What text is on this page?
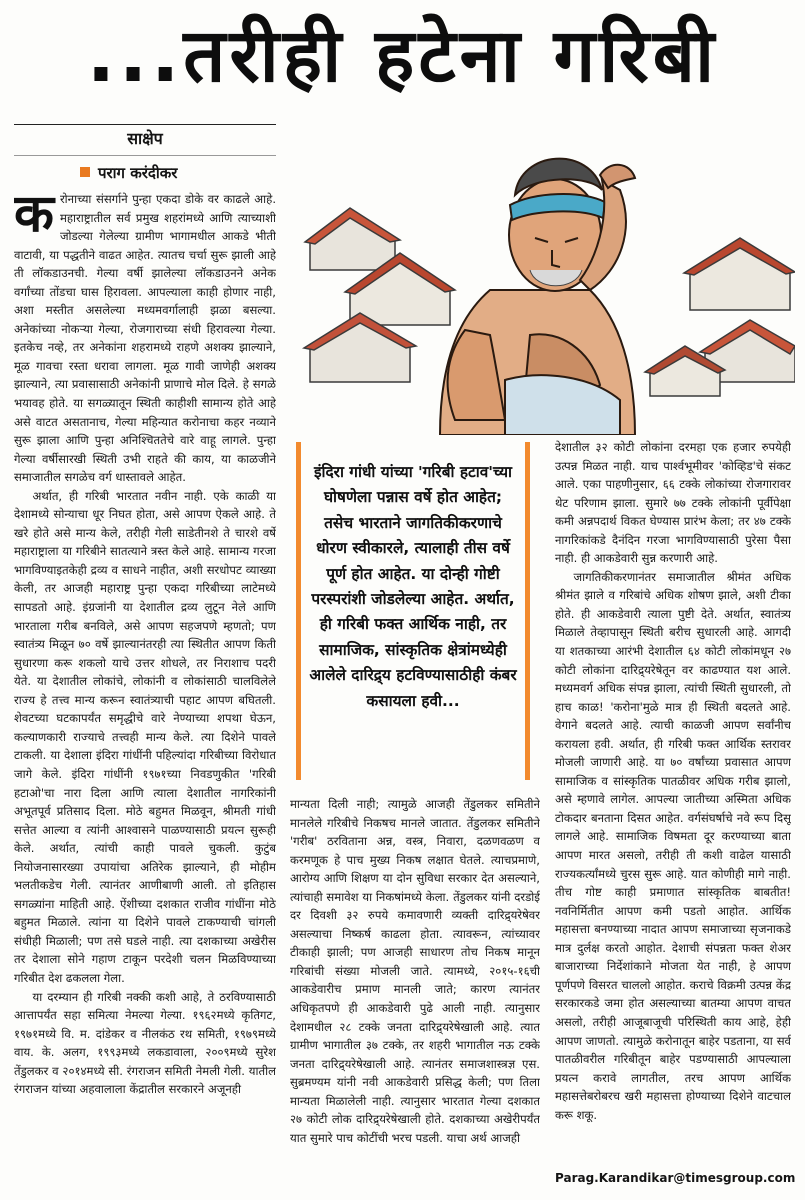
...तरीही हटेना गरिबी
साक्षेप
पराग करंदीकर

करोनाच्या संसर्गाने पुन्हा एकदा डोके वर काढले आहे. महाराष्ट्रातील सर्व प्रमुख शहरांमध्ये आणि त्याच्याशी जोडल्या गेलेल्या ग्रामीण भागामधील आकडे भीती वाटावी, या पद्धतीने वाढत आहेत. त्यातच चर्चा सुरू झाली आहे ती लॉकडाउनची. गेल्या वर्षी झालेल्या लॉकडाउनने अनेक वर्गांच्या तोंडचा घास हिरावला. आपल्याला काही होणार नाही, अशा मस्तीत असलेल्या मध्यमवर्गालाही झळा बसल्या. अनेकांच्या नोकऱ्या गेल्या, रोजगाराच्या संधी हिरावल्या गेल्या. इतकेच नव्हे, तर अनेकांना शहरामध्ये राहणे अशक्य झाल्याने, मूळ गावचा रस्ता धरावा लागला. मूळ गावी जाणेही अशक्य झाल्याने, त्या प्रवासासाठी अनेकांनी प्राणाचे मोल दिले. हे सगळे भयावह होते. या सगळ्यातून स्थिती काहीशी सामान्य होते आहे असे वाटत असतानाच, गेल्या महिन्यात करोनाचा कहर नव्याने सुरू झाला आणि पुन्हा अनिश्चिततेचे वारे वाहू लागले. पुन्हा गेल्या वर्षीसारखी स्थिती उभी राहते की काय, या काळजीने समाजातील सगळेच वर्ग धास्तावले आहेत.

अर्थात, ही गरिबी भारतात नवीन नाही. एके काळी या देशामध्ये सोन्याचा धूर निघत होता, असे आपण ऐकले आहे. ते खरे होते असे मान्य केले, तरीही गेली साडेतीनशे ते चारशे वर्षे महाराष्ट्राला या गरिबीने सातत्याने त्रस्त केले आहे. सामान्य गरजा भागविण्याइतकेही द्रव्य व साधने नाहीत, अशी सरधोपट व्याख्या केली, तर आजही महाराष्ट्र पुन्हा एकदा गरिबीच्या लाटेमध्ये सापडतो आहे. इंग्रजांनी या देशातील द्रव्य लुटून नेले आणि भारताला गरीब बनविले, असे आपण सहजपणे म्हणतो; पण स्वातंत्र्य मिळून ७० वर्षे झाल्यानंतरही त्या स्थितीत आपण किती सुधारणा करू शकलो याचे उत्तर शोधले, तर निराशाच पदरी येते. या देशातील लोकांचे, लोकांनी व लोकांसाठी चालविलेले राज्य हे तत्त्व मान्य करून स्वातंत्र्याची पहाट आपण बघितली. शेवटच्या घटकापर्यंत समृद्धीचे वारे नेण्याच्या शपथा घेऊन, कल्याणकारी राज्याचे तत्त्वही मान्य केले. त्या दिशेने पावले टाकली. या देशाला इंदिरा गांधींनी पहिल्यांदा गरिबीच्या विरोधात जागे केले. इंदिरा गांधींनी १९७१च्या निवडणुकीत 'गरिबी हटाओ'चा नारा दिला आणि त्याला देशातील नागरिकांनी अभूतपूर्व प्रतिसाद दिला. मोठे बहुमत मिळवून, श्रीमती गांधी सत्तेत आल्या व त्यांनी आश्वासने पाळण्यासाठी प्रयत्न सुरूही केले. अर्थात, त्यांची काही पावले चुकली. कुटुंब नियोजनासारख्या उपायांचा अतिरेक झाल्याने, ही मोहीम भलतीकडेच गेली. त्यानंतर आणीबाणी आली. तो इतिहास सगळ्यांना माहिती आहे. ऐंशीच्या दशकात राजीव गांधींना मोठे बहुमत मिळाले. त्यांना या दिशेने पावले टाकण्याची चांगली संधीही मिळाली; पण तसे घडले नाही. त्या दशकाच्या अखेरीस तर देशाला सोने गहाण टाकून परदेशी चलन मिळविण्याच्या गरिबीत देश ढकलला गेला.

या दरम्यान ही गरिबी नक्की कशी आहे, ते ठरविण्यासाठी आत्तापर्यंत सहा समित्या नेमल्या गेल्या. १९६२मध्ये कृतिगट, १९७१मध्ये वि. म. दांडेकर व नीलकंठ रथ समिती, १९७९मध्ये वाय. के. अलग, १९९३मध्ये लकडावाला, २००९मध्ये सुरेश तेंडुलकर व २०१४मध्ये सी. रंगराजन समिती नेमली गेली. यातील रंगराजन यांच्या अहवालाला केंद्रातील सरकारने अजूनही

इंदिरा गांधी यांच्या 'गरिबी हटाव'च्या घोषणेला पन्नास वर्षे होत आहेत; तसेच भारताने जागतिकीकरणाचे धोरण स्वीकारले, त्यालाही तीस वर्षे पूर्ण होत आहेत. या दोन्ही गोष्टी परस्परांशी जोडलेल्या आहेत. अर्थात, ही गरिबी फक्त आर्थिक नाही, तर सामाजिक, सांस्कृतिक क्षेत्रांमध्येही आलेले दारिद्र्य हटविण्यासाठीही कंबर कसायला हवी...

मान्यता दिली नाही; त्यामुळे आजही तेंडुलकर समितीने मानलेले गरिबीचे निकषच मानले जातात. तेंडुलकर समितीने 'गरीब' ठरविताना अन्न, वस्त्र, निवारा, दळणवळण व करमणूक हे पाच मुख्य निकष लक्षात घेतले. त्याचप्रमाणे, आरोग्य आणि शिक्षण या दोन सुविधा सरकार देत असल्याने, त्यांचाही समावेश या निकषांमध्ये केला. तेंडुलकर यांनी दरडोई दर दिवशी ३२ रुपये कमावणारी व्यक्ती दारिद्र्यरेषेवर असल्याचा निष्कर्ष काढला होता. त्यावरून, त्यांच्यावर टीकाही झाली; पण आजही साधारण तोच निकष मानून गरिबांची संख्या मोजली जाते. त्यामध्ये, २०१५-१६ची आकडेवारीच प्रमाण मानली जाते; कारण त्यानंतर अधिकृतपणे ही आकडेवारी पुढे आली नाही. त्यानुसार देशामधील २८ टक्के जनता दारिद्र्यरेषेखाली आहे. त्यात ग्रामीण भागातील ३७ टक्के, तर शहरी भागातील नऊ टक्के जनता दारिद्र्यरेषेखाली आहे. त्यानंतर समाजशास्त्रज्ञ एस. सुब्रमण्यम यांनी नवी आकडेवारी प्रसिद्ध केली; पण तिला मान्यता मिळालेली नाही. त्यानुसार भारतात गेल्या दशकात २७ कोटी लोक दारिद्र्यरेषेखाली होते. दशकाच्या अखेरीपर्यंत यात सुमारे पाच कोटींची भरच पडली. याचा अर्थ आजही

देशातील ३२ कोटी लोकांना दरमहा एक हजार रुपयेही उत्पन्न मिळत नाही. याच पार्श्वभूमीवर 'कोव्हिड'चे संकट आले. एका पाहणीनुसार, ६६ टक्के लोकांच्या रोजगारावर थेट परिणाम झाला. सुमारे ७७ टक्के लोकांनी पूर्वीपेक्षा कमी अन्नपदार्थ विकत घेण्यास प्रारंभ केला; तर ४७ टक्के नागरिकांकडे दैनंदिन गरजा भागविण्यासाठी पुरेसा पैसा नाही. ही आकडेवारी सुन्न करणारी आहे.

जागतिकीकरणानंतर समाजातील श्रीमंत अधिक श्रीमंत झाले व गरिबांचे अधिक शोषण झाले, अशी टीका होते. ही आकडेवारी त्याला पुष्टी देते. अर्थात, स्वातंत्र्य मिळाले तेव्हापासून स्थिती बरीच सुधारली आहे. आगदी या शतकाच्या आरंभी देशातील ६४ कोटी लोकांमधून २७ कोटी लोकांना दारिद्र्यरेषेतून वर काढण्यात यश आले. मध्यमवर्ग अधिक संपन्न झाला, त्यांची स्थिती सुधारली, तो हाच काळ! 'करोना'मुळे मात्र ही स्थिती बदलते आहे. वेगाने बदलते आहे. त्याची काळजी आपण सर्वांनीच करायला हवी. अर्थात, ही गरिबी फक्त आर्थिक स्तरावर मोजली जाणारी आहे. या ७० वर्षांच्या प्रवासात आपण सामाजिक व सांस्कृतिक पातळीवर अधिक गरीब झालो, असे म्हणावे लागेल. आपल्या जातीच्या अस्मिता अधिक टोकदार बनताना दिसत आहेत. वर्गसंघर्षाचे नवे रूप दिसू लागले आहे. सामाजिक विषमता दूर करण्याच्या बाता आपण मारत असलो, तरीही ती कशी वाढेल यासाठी राज्यकर्त्यांमध्ये चुरस सुरू आहे. यात कोणीही मागे नाही. तीच गोष्ट काही प्रमाणात सांस्कृतिक बाबतीत! नवनिर्मितीत आपण कमी पडतो आहोत. आर्थिक महासत्ता बनण्याच्या नादात आपण समाजाच्या सृजनाकडे मात्र दुर्लक्ष करतो आहोत. देशाची संपन्नता फक्त शेअर बाजाराच्या निर्देशांकाने मोजता येत नाही, हे आपण पूर्णपणे विसरत चाललो आहोत. कराचे विक्रमी उत्पन्न केंद्र सरकारकडे जमा होत असल्याच्या बातम्या आपण वाचत असलो, तरीही आजूबाजूची परिस्थिती काय आहे, हेही आपण जाणतो. त्यामुळे करोनातून बाहेर पडताना, या सर्व पातळीवरील गरिबीतून बाहेर पडण्यासाठी आपल्याला प्रयत्न करावे लागतील, तरच आपण आर्थिक महासत्तेबरोबरच खरी महासत्ता होण्याच्या दिशेने वाटचाल करू शकू.

Parag.Karandikar@timesgroup.com
